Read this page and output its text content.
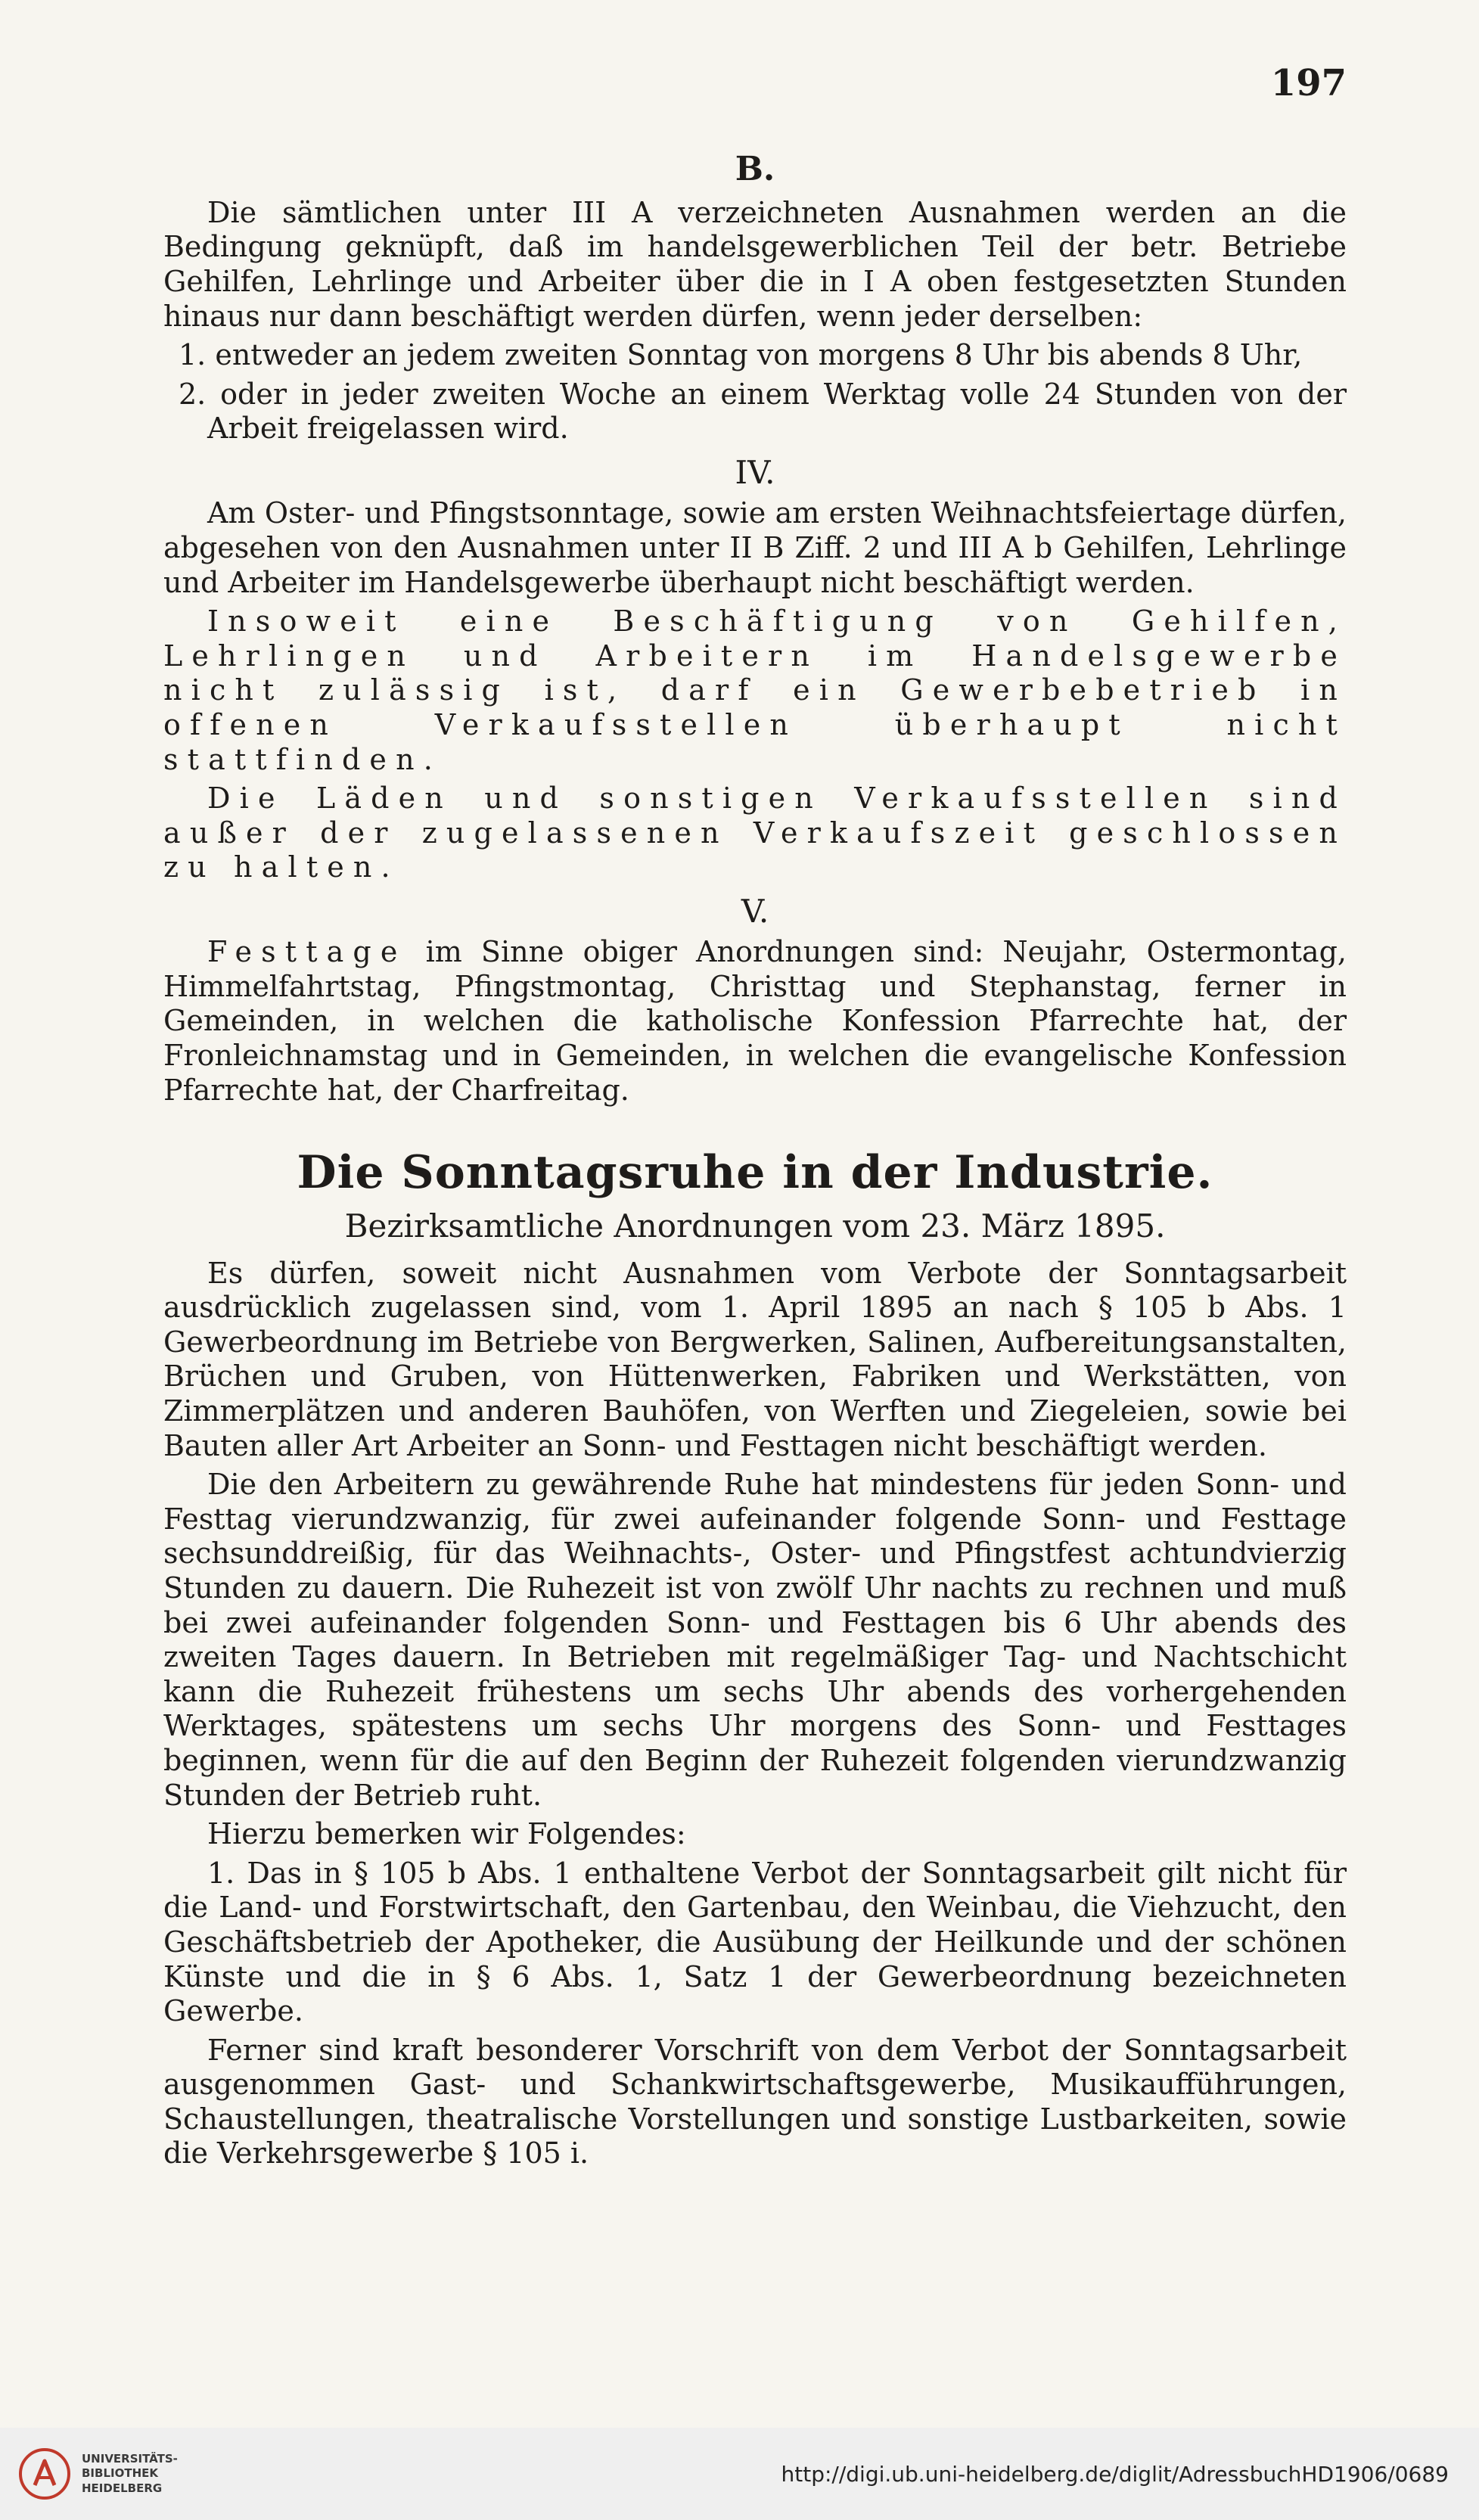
197
B.

Die sämtlichen unter III A verzeichneten Ausnahmen werden an die Bedingung geknüpft, daß im handelsgewerblichen Teil der betr. Betriebe Gehilfen, Lehrlinge und Arbeiter über die in I A oben festgesetzten Stunden hinaus nur dann beschäftigt werden dürfen, wenn jeder derselben:

1. entweder an jedem zweiten Sonntag von morgens 8 Uhr bis abends 8 Uhr,

2. oder in jeder zweiten Woche an einem Werktag volle 24 Stunden von der Arbeit freigelassen wird.

IV.

Am Oster- und Pfingstsonntage, sowie am ersten Weihnachtsfeiertage dürfen, abgesehen von den Ausnahmen unter II B Ziff. 2 und III A b Gehilfen, Lehrlinge und Arbeiter im Handelsgewerbe überhaupt nicht beschäftigt werden.

Insoweit eine Beschäftigung von Gehilfen, Lehrlingen und Arbeitern im Handelsgewerbe nicht zulässig ist, darf ein Gewerbebetrieb in offenen Verkaufsstellen überhaupt nicht stattfinden.

Die Läden und sonstigen Verkaufsstellen sind außer der zugelassenen Verkaufszeit geschlossen zu halten.

V.

Festtage im Sinne obiger Anordnungen sind: Neujahr, Ostermontag, Himmelfahrtstag, Pfingstmontag, Christtag und Stephanstag, ferner in Gemeinden, in welchen die katholische Konfession Pfarrechte hat, der Fronleichnamstag und in Gemeinden, in welchen die evangelische Konfession Pfarrechte hat, der Charfreitag.

Die Sonntagsruhe in der Industrie.
Bezirksamtliche Anordnungen vom 23. März 1895.

Es dürfen, soweit nicht Ausnahmen vom Verbote der Sonntagsarbeit ausdrücklich zugelassen sind, vom 1. April 1895 an nach § 105 b Abs. 1 Gewerbeordnung im Betriebe von Bergwerken, Salinen, Aufbereitungsanstalten, Brüchen und Gruben, von Hüttenwerken, Fabriken und Werkstätten, von Zimmerplätzen und anderen Bauhöfen, von Werften und Ziegeleien, sowie bei Bauten aller Art Arbeiter an Sonn- und Festtagen nicht beschäftigt werden.

Die den Arbeitern zu gewährende Ruhe hat mindestens für jeden Sonn- und Festtag vierundzwanzig, für zwei aufeinander folgende Sonn- und Festtage sechsunddreißig, für das Weihnachts-, Oster- und Pfingstfest achtundvierzig Stunden zu dauern. Die Ruhezeit ist von zwölf Uhr nachts zu rechnen und muß bei zwei aufeinander folgenden Sonn- und Festtagen bis 6 Uhr abends des zweiten Tages dauern. In Betrieben mit regelmäßiger Tag- und Nachtschicht kann die Ruhezeit frühestens um sechs Uhr abends des vorhergehenden Werktages, spätestens um sechs Uhr morgens des Sonn- und Festtages beginnen, wenn für die auf den Beginn der Ruhezeit folgenden vierundzwanzig Stunden der Betrieb ruht.

Hierzu bemerken wir Folgendes:

1. Das in § 105 b Abs. 1 enthaltene Verbot der Sonntagsarbeit gilt nicht für die Land- und Forstwirtschaft, den Gartenbau, den Weinbau, die Viehzucht, den Geschäftsbetrieb der Apotheker, die Ausübung der Heilkunde und der schönen Künste und die in § 6 Abs. 1, Satz 1 der Gewerbeordnung bezeichneten Gewerbe.

Ferner sind kraft besonderer Vorschrift von dem Verbot der Sonntagsarbeit ausgenommen Gast- und Schankwirtschaftsgewerbe, Musikaufführungen, Schaustellungen, theatralische Vorstellungen und sonstige Lustbarkeiten, sowie die Verkehrsgewerbe § 105 i.

UNIVERSITÄTS-
BIBLIOTHEK
HEIDELBERG
http://digi.ub.uni-heidelberg.de/diglit/AdressbuchHD1906/0689
